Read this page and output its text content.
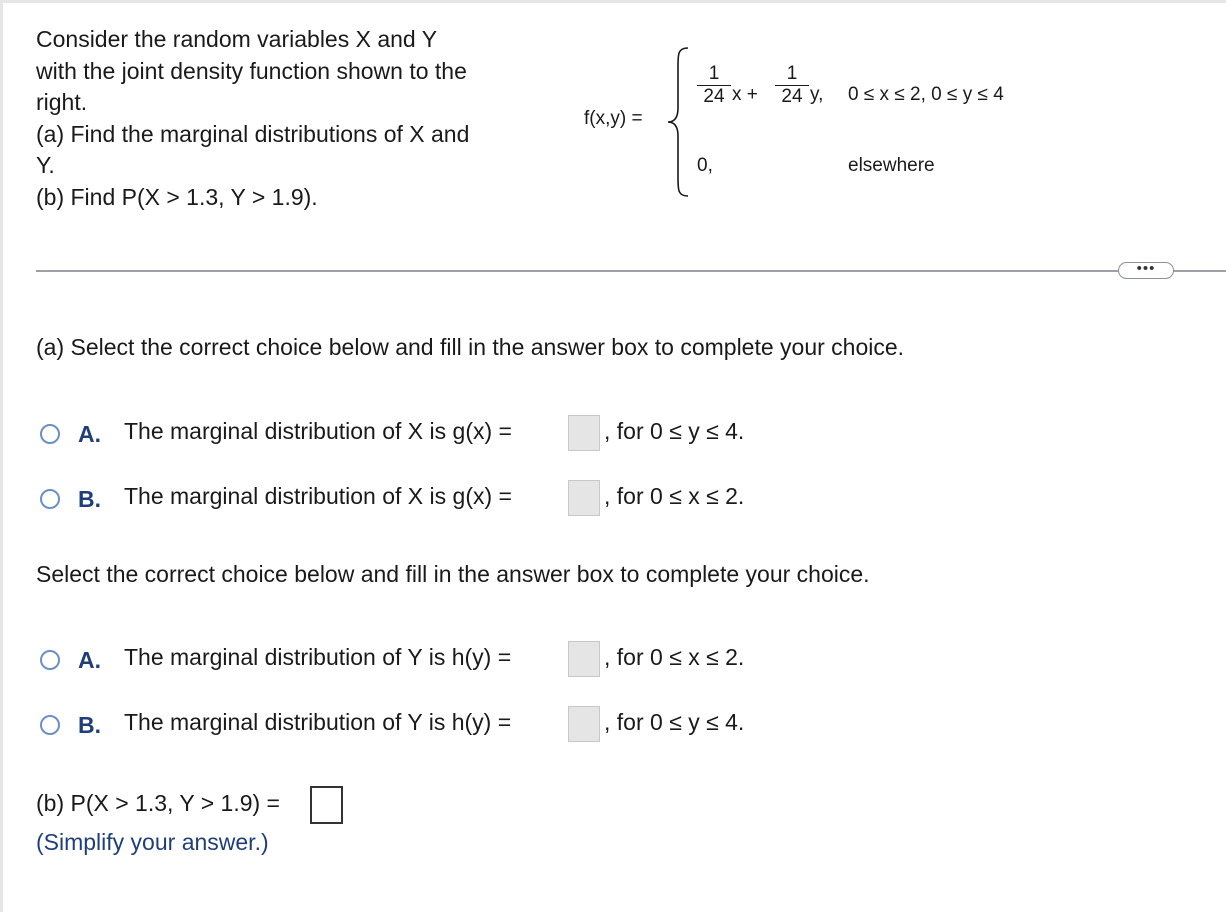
Consider the random variables X and Y
with the joint density function shown to the
right.
(a) Find the marginal distributions of X and
Y.
(b) Find P(X > 1.3, Y > 1.9).
f(x,y) =
1
24 x +
1
24 y, 0 ≤ x ≤ 2, 0 ≤ y ≤ 4
0,	elsewhere
•••
(a) Select the correct choice below and fill in the answer box to complete your choice.
A. The marginal distribution of X is g(x) =	, for 0 ≤ y ≤ 4.
B. The marginal distribution of X is g(x) =	, for 0 ≤ x ≤ 2.
Select the correct choice below and fill in the answer box to complete your choice.
A. The marginal distribution of Y is h(y) =	, for 0 ≤ x ≤ 2.
B. The marginal distribution of Y is h(y) =	, for 0 ≤ y ≤ 4.
(b) P(X > 1.3, Y > 1.9) =
(Simplify your answer.)
